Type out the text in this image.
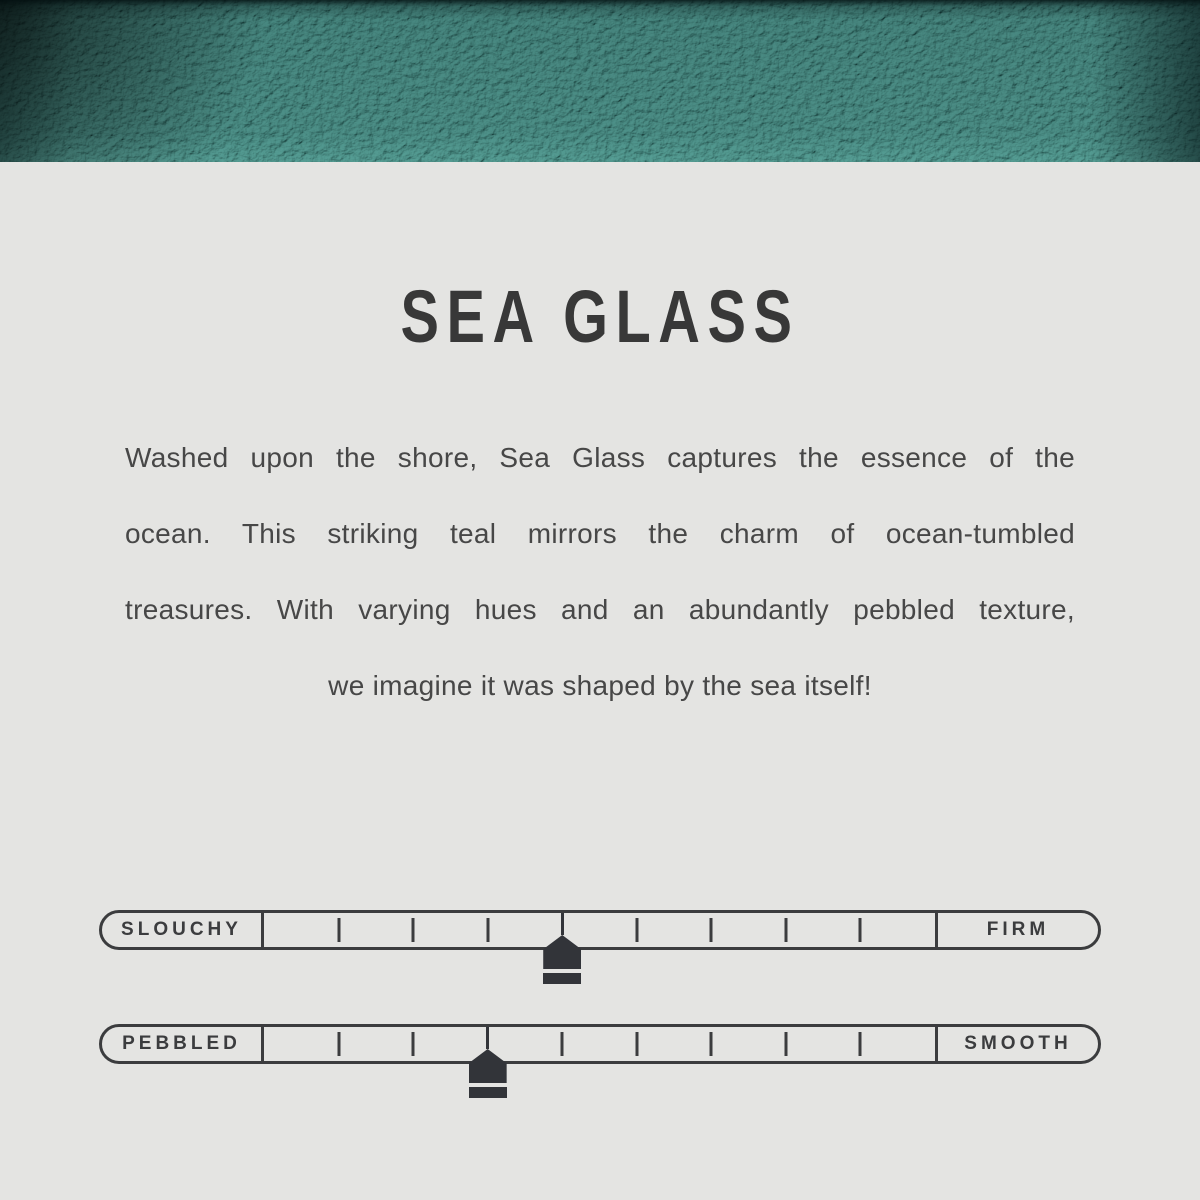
SEA GLASS
Washed upon the shore, Sea Glass captures the essence of the
ocean. This striking teal mirrors the charm of ocean-tumbled
treasures. With varying hues and an abundantly pebbled texture,
we imagine it was shaped by the sea itself!
SLOUCHY	FIRM
PEBBLED	SMOOTH
